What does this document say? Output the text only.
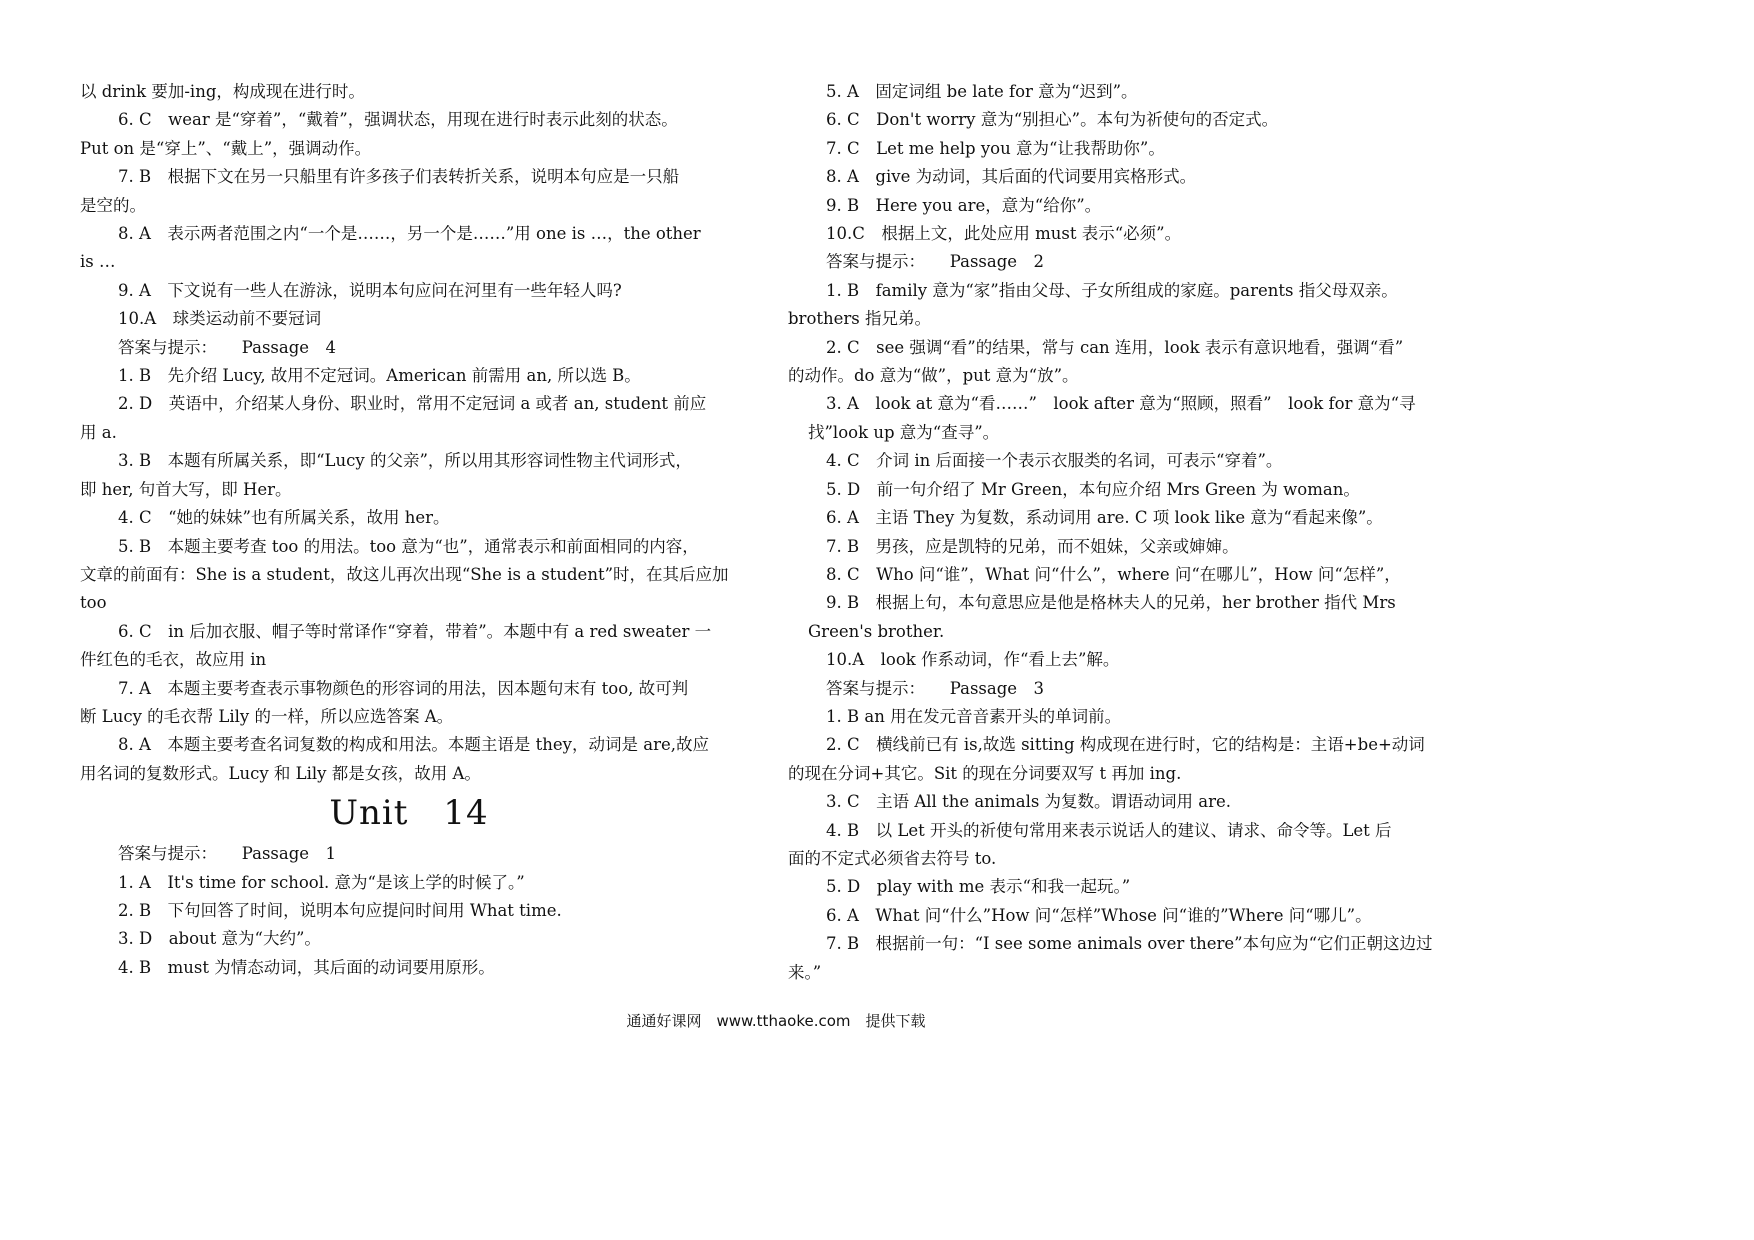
以 drink 要加-ing，构成现在进行时。
6. C　wear 是“穿着”，“戴着”，强调状态，用现在进行时表示此刻的状态。
Put on 是“穿上”、“戴上”，强调动作。
7. B　根据下文在另一只船里有许多孩子们表转折关系，说明本句应是一只船
是空的。
8. A　表示两者范围之内“一个是……，另一个是……”用 one is …，the other
is …
9. A　下文说有一些人在游泳，说明本句应问在河里有一些年轻人吗?
10.A　球类运动前不要冠词
答案与提示：　　Passage　4
1. B　先介绍 Lucy, 故用不定冠词。American 前需用 an, 所以选 B。
2. D　英语中，介绍某人身份、职业时，常用不定冠词 a 或者 an, student 前应
用 a.
3. B　本题有所属关系，即“Lucy 的父亲”，所以用其形容词性物主代词形式，
即 her, 句首大写，即 Her。
4. C　“她的妹妹”也有所属关系，故用 her。
5. B　本题主要考查 too 的用法。too 意为“也”，通常表示和前面相同的内容，
文章的前面有：She is a student，故这儿再次出现“She is a student”时，在其后应加
too
6. C　in 后加衣服、帽子等时常译作“穿着，带着”。本题中有 a red sweater 一
件红色的毛衣，故应用 in
7. A　本题主要考查表示事物颜色的形容词的用法，因本题句末有 too, 故可判
断 Lucy 的毛衣帮 Lily 的一样，所以应选答案 A。
8. A　本题主要考查名词复数的构成和用法。本题主语是 they，动词是 are,故应
用名词的复数形式。Lucy 和 Lily 都是女孩，故用 A。
Unit　14
答案与提示：　　Passage　1
1. A　It's time for school. 意为“是该上学的时候了。”
2. B　下句回答了时间，说明本句应提问时间用 What time.
3. D　about 意为“大约”。
4. B　must 为情态动词，其后面的动词要用原形。
5. A　固定词组 be late for 意为“迟到”。
6. C　Don't worry 意为“别担心”。本句为祈使句的否定式。
7. C　Let me help you 意为“让我帮助你”。
8. A　give 为动词，其后面的代词要用宾格形式。
9. B　Here you are，意为“给你”。
10.C　根据上文，此处应用 must 表示“必须”。
答案与提示：　　Passage　2
1. B　family 意为“家”指由父母、子女所组成的家庭。parents 指父母双亲。
brothers 指兄弟。
2. C　see 强调“看”的结果，常与 can 连用，look 表示有意识地看，强调“看”
的动作。do 意为“做”，put 意为“放”。
3. A　look at 意为“看……”　look after 意为“照顾，照看”　look for 意为“寻
找”look up 意为“查寻”。
4. C　介词 in 后面接一个表示衣服类的名词，可表示“穿着”。
5. D　前一句介绍了 Mr Green，本句应介绍 Mrs Green 为 woman。
6. A　主语 They 为复数，系动词用 are. C 项 look like 意为“看起来像”。
7. B　男孩，应是凯特的兄弟，而不姐妹，父亲或婶婶。
8. C　Who 问“谁”，What 问“什么”，where 问“在哪儿”，How 问“怎样”，
9. B　根据上句，本句意思应是他是格林夫人的兄弟，her brother 指代 Mrs
Green's brother.
10.A　look 作系动词，作“看上去”解。
答案与提示：　　Passage　3
1. B an 用在发元音音素开头的单词前。
2. C　横线前已有 is,故选 sitting 构成现在进行时，它的结构是：主语+be+动词
的现在分词+其它。Sit 的现在分词要双写 t 再加 ing.
3. C　主语 All the animals 为复数。谓语动词用 are.
4. B　以 Let 开头的祈使句常用来表示说话人的建议、请求、命令等。Let 后
面的不定式必须省去符号 to.
5. D　play with me 表示“和我一起玩。”
6. A　What 问“什么”How 问“怎样”Whose 问“谁的”Where 问“哪儿”。
7. B　根据前一句：“I see some animals over there”本句应为“它们正朝这边过
来。”
通通好课网　www.tthaoke.com　提供下载
